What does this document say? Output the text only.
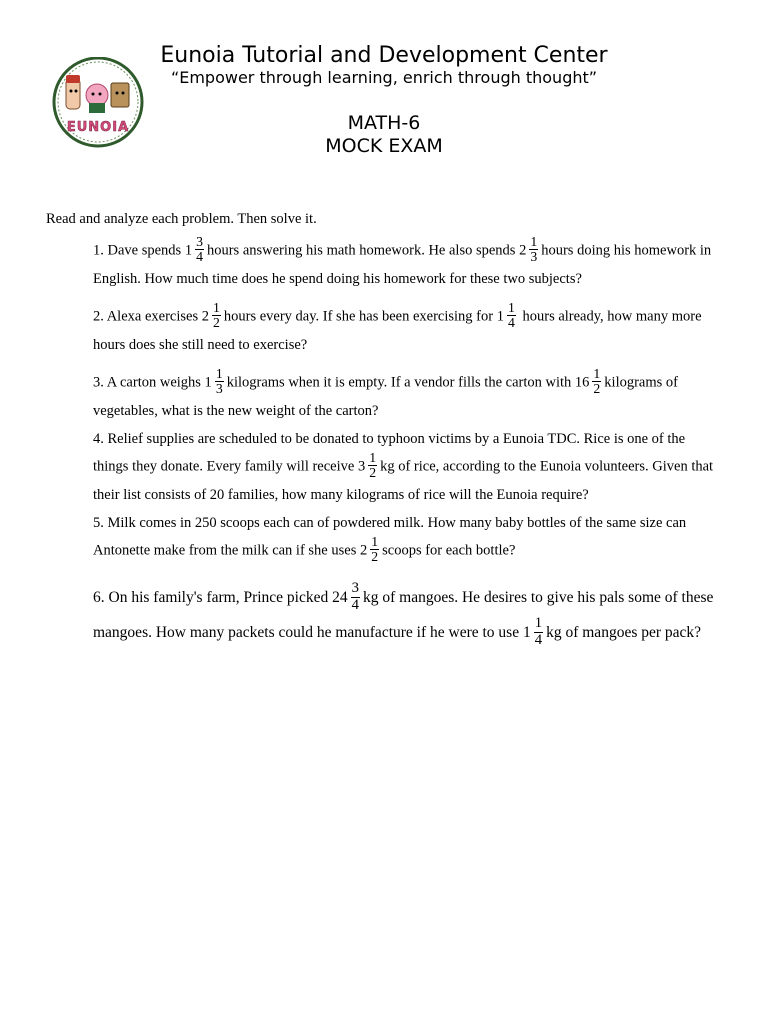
EUNOIA
Eunoia Tutorial and Development Center
“Empower through learning, enrich through thought”
MATH-6
MOCK EXAM
Read and analyze each problem. Then solve it.

1. Dave spends $1 \frac{3}{4}$ hours answering his math homework. He also spends $2 \frac{1}{3}$ hours doing his homework in English. How much time does he spend doing his homework for these two subjects?

2. Alexa exercises $2 \frac{1}{2}$ hours every day. If she has been exercising for $1 \frac{1}{4}$ hours already, how many more hours does she still need to exercise?

3. A carton weighs $1 \frac{1}{3}$ kilograms when it is empty. If a vendor fills the carton with $16 \frac{1}{2}$ kilograms of vegetables, what is the new weight of the carton?

4. Relief supplies are scheduled to be donated to typhoon victims by a Eunoia TDC. Rice is one of the things they donate. Every family will receive $3 \frac{1}{2}$ kg of rice, according to the Eunoia volunteers. Given that their list consists of 20 families, how many kilograms of rice will the Eunoia require?

5. Milk comes in 250 scoops each can of powdered milk. How many baby bottles of the same size can Antonette make from the milk can if she uses $2 \frac{1}{2}$ scoops for each bottle?

6. On his family's farm, Prince picked $24 \frac{3}{4}$ kg of mangoes. He desires to give his pals some of these mangoes. How many packets could he manufacture if he were to use $1 \frac{1}{4}$ kg of mangoes per pack?
